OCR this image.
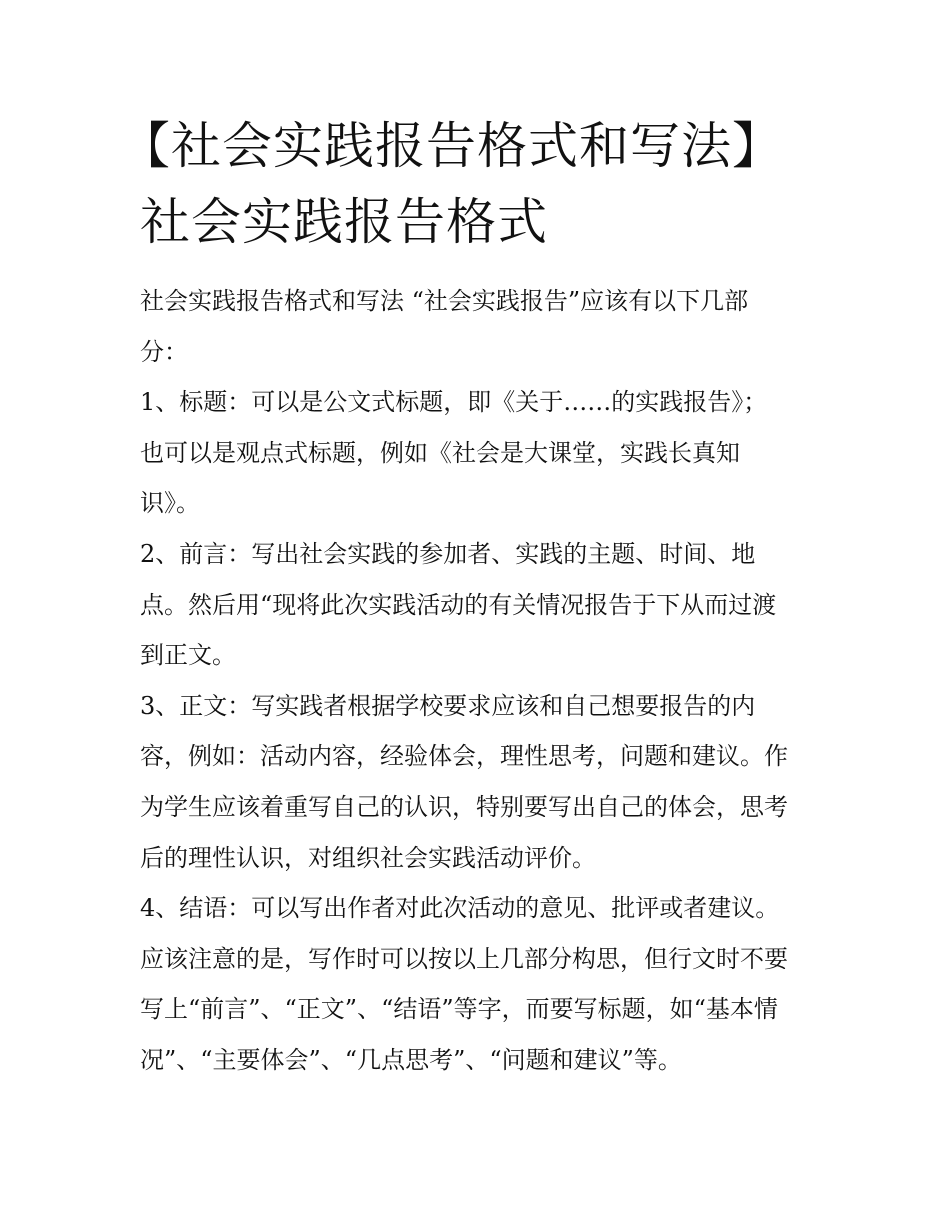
【社会实践报告格式和写法】
社会实践报告格式
社会实践报告格式和写法 “社会实践报告”应该有以下几部
分：
1、标题：可以是公文式标题，即《关于……的实践报告》；
也可以是观点式标题，例如《社会是大课堂，实践长真知
识》。
2、前言：写出社会实践的参加者、实践的主题、时间、地
点。然后用“现将此次实践活动的有关情况报告于下从而过渡
到正文。
3、正文：写实践者根据学校要求应该和自己想要报告的内
容，例如：活动内容，经验体会，理性思考，问题和建议。作
为学生应该着重写自己的认识，特别要写出自己的体会，思考
后的理性认识，对组织社会实践活动评价。
4、结语：可以写出作者对此次活动的意见、批评或者建议。
应该注意的是，写作时可以按以上几部分构思，但行文时不要
写上“前言”、“正文”、“结语”等字，而要写标题，如“基本情
况”、“主要体会”、“几点思考”、“问题和建议”等。
